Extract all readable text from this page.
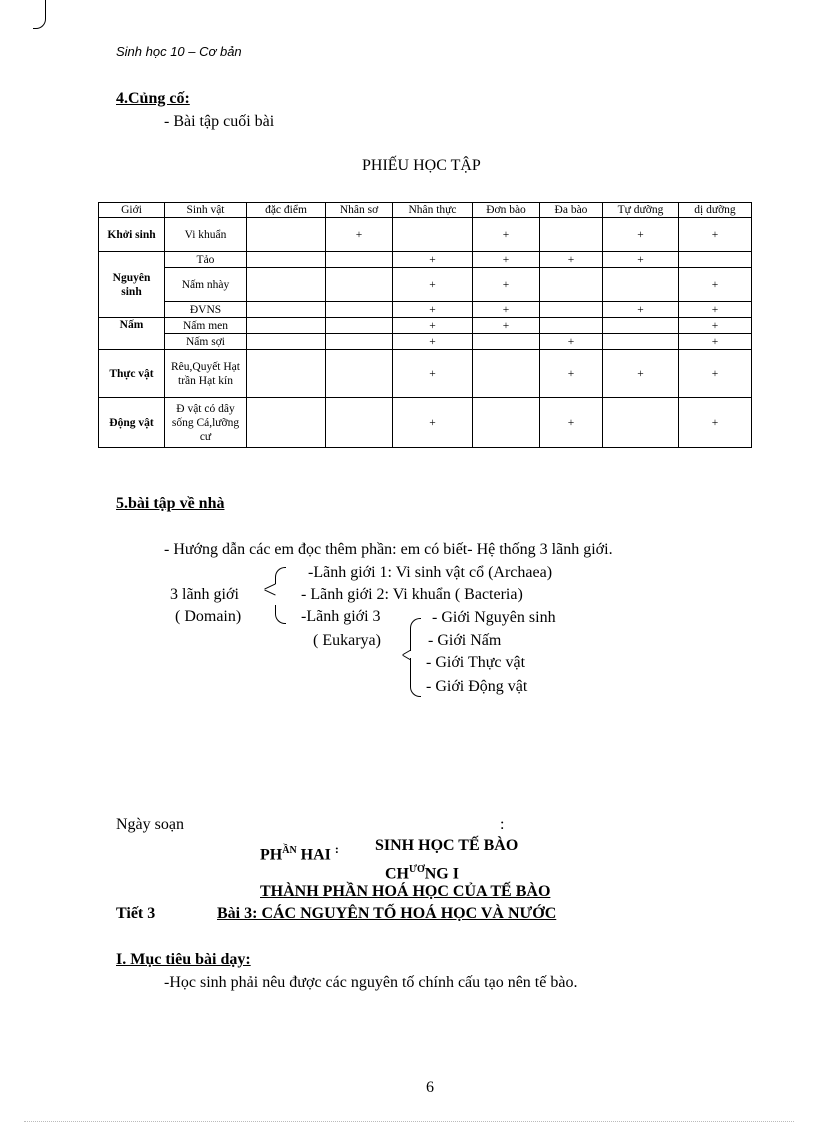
Sinh học 10 – Cơ bản
4.Củng cố:
- Bài tập cuối bài
PHIẾU HỌC TẬP
Giới	Sinh vật	đặc điểm	Nhân sơ	Nhân thực	Đơn bào	Đa bào	Tự dưỡng	dị dưỡng
Khởi sinh	Vi khuẩn		+		+		+	+
Nguyên sinh	Tảo			+	+	+	+	
	Nấm nhày			+	+			+
	ĐVNS			+	+		+	+
Nấm	Nấm men			+	+			+
	Nấm sợi			+		+		+
Thực vật	Rêu,Quyết Hạt trần Hạt kín			+		+	+	+
Động vật	Đ vật có dây sống Cá,lưỡng cư			+		+		+
5.bài tập về nhà
- Hướng dẫn các em đọc thêm phần: em có biết- Hệ thống 3 lãnh giới.
3 lãnh giới
( Domain)
-Lãnh giới 1: Vi sinh vật cổ (Archaea)
- Lãnh giới 2: Vi khuẩn ( Bacteria)
-Lãnh giới 3
( Eukarya)
- Giới Nguyên sinh
- Giới Nấm
- Giới Thực vật
- Giới Động vật
Ngày soạn	:
$PH^{ẦN}$ HAI : SINH HỌC TẾ BÀO
$CH^{ƯƠ}NG$ I
THÀNH PHẦN HOÁ HỌC CỦA TẾ BÀO
Tiết 3	Bài 3: CÁC NGUYÊN TỐ HOÁ HỌC VÀ NƯỚC
I. Mục tiêu bài dạy:
-Học sinh phải nêu được các nguyên tố chính cấu tạo nên tế bào.
6
